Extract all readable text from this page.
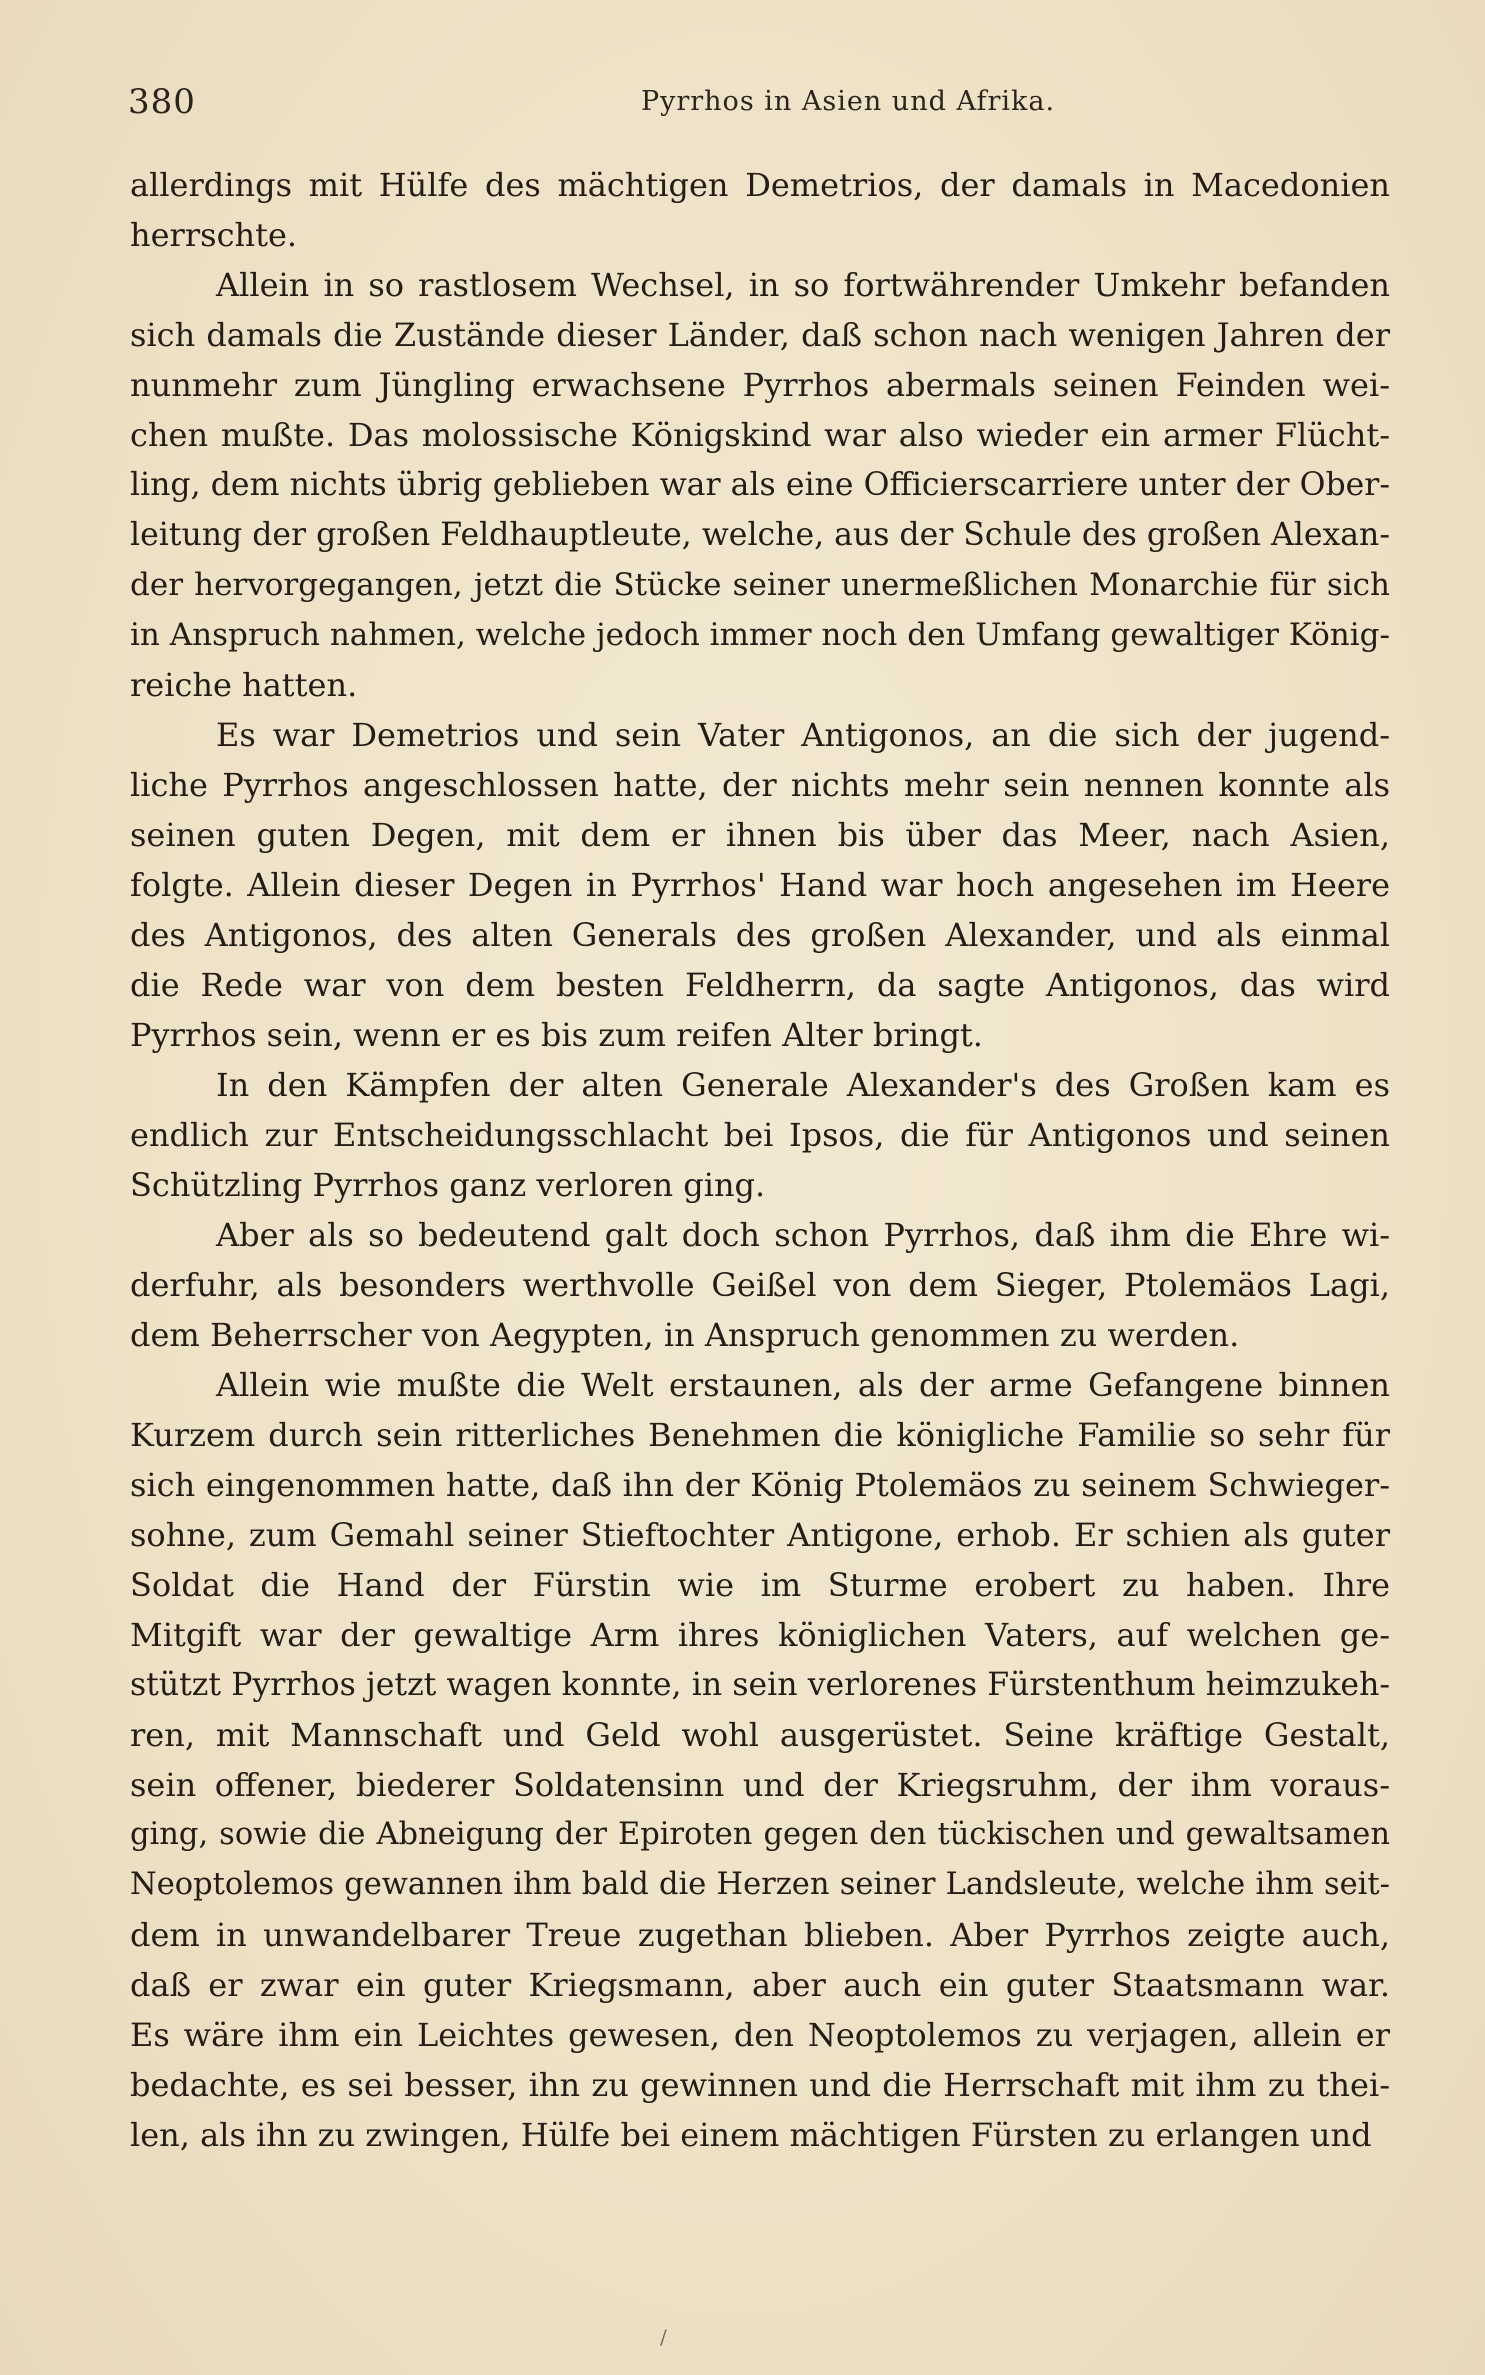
380	Pyrrhos in Asien und Afrika.
allerdings mit Hülfe des mächtigen Demetrios, der damals in Macedonien
herrschte.
Allein in so rastlosem Wechsel, in so fortwährender Umkehr befanden
sich damals die Zustände dieser Länder, daß schon nach wenigen Jahren der
nunmehr zum Jüngling erwachsene Pyrrhos abermals seinen Feinden wei-
chen mußte. Das molossische Königskind war also wieder ein armer Flücht-
ling, dem nichts übrig geblieben war als eine Officierscarriere unter der Ober-
leitung der großen Feldhauptleute, welche, aus der Schule des großen Alexan-
der hervorgegangen, jetzt die Stücke seiner unermeßlichen Monarchie für sich
in Anspruch nahmen, welche jedoch immer noch den Umfang gewaltiger König-
reiche hatten.
Es war Demetrios und sein Vater Antigonos, an die sich der jugend-
liche Pyrrhos angeschlossen hatte, der nichts mehr sein nennen konnte als
seinen guten Degen, mit dem er ihnen bis über das Meer, nach Asien,
folgte. Allein dieser Degen in Pyrrhos' Hand war hoch angesehen im Heere
des Antigonos, des alten Generals des großen Alexander, und als einmal
die Rede war von dem besten Feldherrn, da sagte Antigonos, das wird
Pyrrhos sein, wenn er es bis zum reifen Alter bringt.
In den Kämpfen der alten Generale Alexander's des Großen kam es
endlich zur Entscheidungsschlacht bei Ipsos, die für Antigonos und seinen
Schützling Pyrrhos ganz verloren ging.
Aber als so bedeutend galt doch schon Pyrrhos, daß ihm die Ehre wi-
derfuhr, als besonders werthvolle Geißel von dem Sieger, Ptolemäos Lagi,
dem Beherrscher von Aegypten, in Anspruch genommen zu werden.
Allein wie mußte die Welt erstaunen, als der arme Gefangene binnen
Kurzem durch sein ritterliches Benehmen die königliche Familie so sehr für
sich eingenommen hatte, daß ihn der König Ptolemäos zu seinem Schwieger-
sohne, zum Gemahl seiner Stieftochter Antigone, erhob. Er schien als guter
Soldat die Hand der Fürstin wie im Sturme erobert zu haben. Ihre
Mitgift war der gewaltige Arm ihres königlichen Vaters, auf welchen ge-
stützt Pyrrhos jetzt wagen konnte, in sein verlorenes Fürstenthum heimzukeh-
ren, mit Mannschaft und Geld wohl ausgerüstet. Seine kräftige Gestalt,
sein offener, biederer Soldatensinn und der Kriegsruhm, der ihm voraus-
ging, sowie die Abneigung der Epiroten gegen den tückischen und gewaltsamen
Neoptolemos gewannen ihm bald die Herzen seiner Landsleute, welche ihm seit-
dem in unwandelbarer Treue zugethan blieben. Aber Pyrrhos zeigte auch,
daß er zwar ein guter Kriegsmann, aber auch ein guter Staatsmann war.
Es wäre ihm ein Leichtes gewesen, den Neoptolemos zu verjagen, allein er
bedachte, es sei besser, ihn zu gewinnen und die Herrschaft mit ihm zu thei-
len, als ihn zu zwingen, Hülfe bei einem mächtigen Fürsten zu erlangen und
/
